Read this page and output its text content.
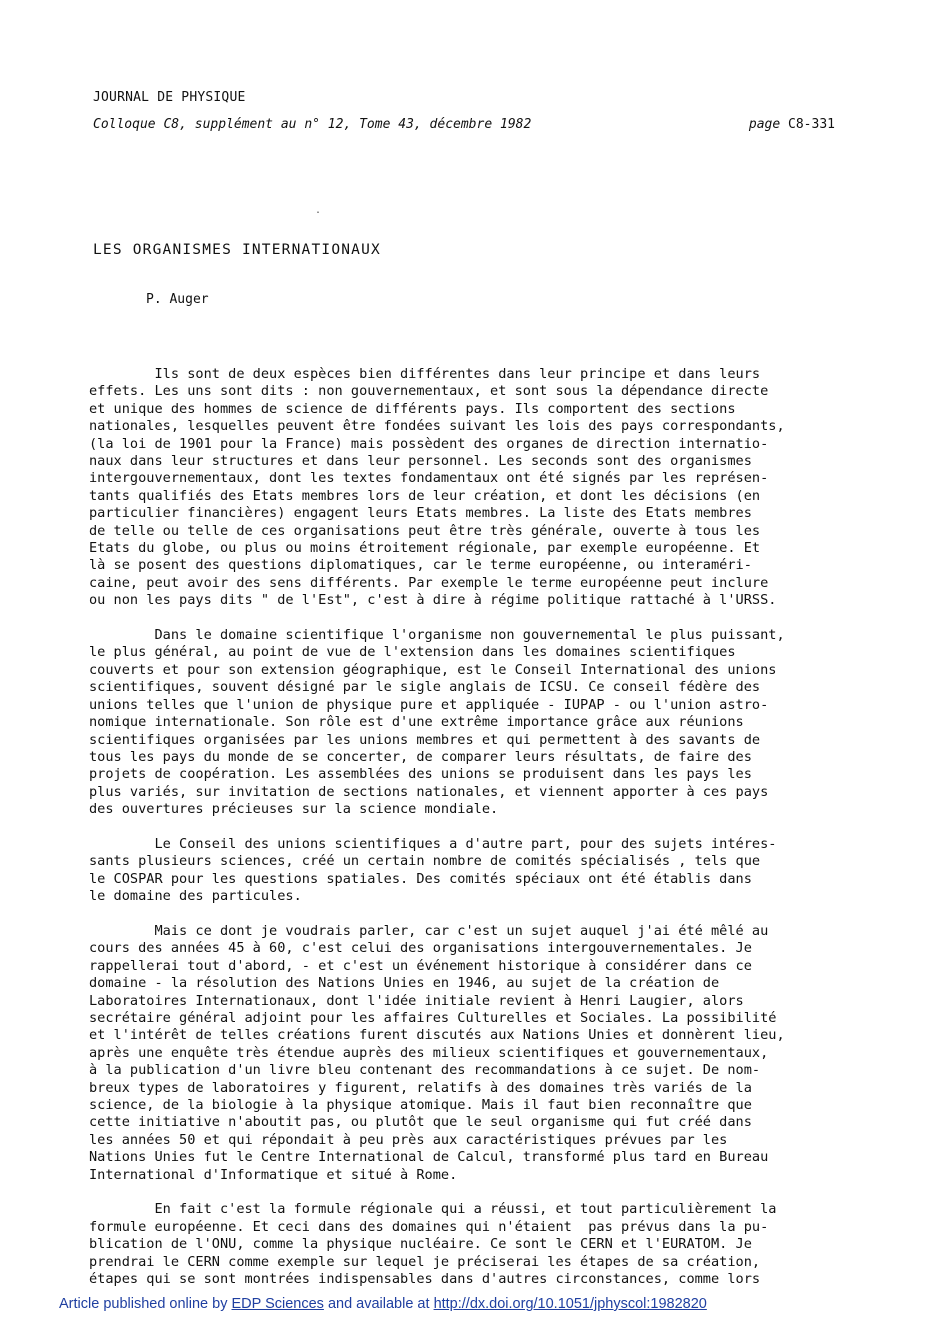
JOURNAL DE PHYSIQUE
Colloque C8, supplément au n° 12, Tome 43, décembre 1982	page C8-331
.
LES ORGANISMES INTERNATIONAUX
P. Auger
Ils sont de deux espèces bien différentes dans leur principe et dans leurs
effets. Les uns sont dits : non gouvernementaux, et sont sous la dépendance directe
et unique des hommes de science de différents pays. Ils comportent des sections
nationales, lesquelles peuvent être fondées suivant les lois des pays correspondants,
(la loi de 1901 pour la France) mais possèdent des organes de direction internatio-
naux dans leur structures et dans leur personnel. Les seconds sont des organismes
intergouvernementaux, dont les textes fondamentaux ont été signés par les représen-
tants qualifiés des Etats membres lors de leur création, et dont les décisions (en
particulier financières) engagent leurs Etats membres. La liste des Etats membres
de telle ou telle de ces organisations peut être très générale, ouverte à tous les
Etats du globe, ou plus ou moins étroitement régionale, par exemple européenne. Et
là se posent des questions diplomatiques, car le terme européenne, ou interaméri-
caine, peut avoir des sens différents. Par exemple le terme européenne peut inclure
ou non les pays dits " de l'Est", c'est à dire à régime politique rattaché à l'URSS.
Dans le domaine scientifique l'organisme non gouvernemental le plus puissant,
le plus général, au point de vue de l'extension dans les domaines scientifiques
couverts et pour son extension géographique, est le Conseil International des unions
scientifiques, souvent désigné par le sigle anglais de ICSU. Ce conseil fédère des
unions telles que l'union de physique pure et appliquée - IUPAP - ou l'union astro-
nomique internationale. Son rôle est d'une extrême importance grâce aux réunions
scientifiques organisées par les unions membres et qui permettent à des savants de
tous les pays du monde de se concerter, de comparer leurs résultats, de faire des
projets de coopération. Les assemblées des unions se produisent dans les pays les
plus variés, sur invitation de sections nationales, et viennent apporter à ces pays
des ouvertures précieuses sur la science mondiale.
Le Conseil des unions scientifiques a d'autre part, pour des sujets intéres-
sants plusieurs sciences, créé un certain nombre de comités spécialisés , tels que
le COSPAR pour les questions spatiales. Des comités spéciaux ont été établis dans
le domaine des particules.
Mais ce dont je voudrais parler, car c'est un sujet auquel j'ai été mêlé au
cours des années 45 à 60, c'est celui des organisations intergouvernementales. Je
rappellerai tout d'abord, - et c'est un événement historique à considérer dans ce
domaine - la résolution des Nations Unies en 1946, au sujet de la création de
Laboratoires Internationaux, dont l'idée initiale revient à Henri Laugier, alors
secrétaire général adjoint pour les affaires Culturelles et Sociales. La possibilité
et l'intérêt de telles créations furent discutés aux Nations Unies et donnèrent lieu,
après une enquête très étendue auprès des milieux scientifiques et gouvernementaux,
à la publication d'un livre bleu contenant des recommandations à ce sujet. De nom-
breux types de laboratoires y figurent, relatifs à des domaines très variés de la
science, de la biologie à la physique atomique. Mais il faut bien reconnaître que
cette initiative n'aboutit pas, ou plutôt que le seul organisme qui fut créé dans
les années 50 et qui répondait à peu près aux caractéristiques prévues par les
Nations Unies fut le Centre International de Calcul, transformé plus tard en Bureau
International d'Informatique et situé à Rome.
En fait c'est la formule régionale qui a réussi, et tout particulièrement la
formule européenne. Et ceci dans des domaines qui n'étaient  pas prévus dans la pu-
blication de l'ONU, comme la physique nucléaire. Ce sont le CERN et l'EURATOM. Je
prendrai le CERN comme exemple sur lequel je préciserai les étapes de sa création,
étapes qui se sont montrées indispensables dans d'autres circonstances, comme lors
Article published online by EDP Sciences and available at http://dx.doi.org/10.1051/jphyscol:1982820
